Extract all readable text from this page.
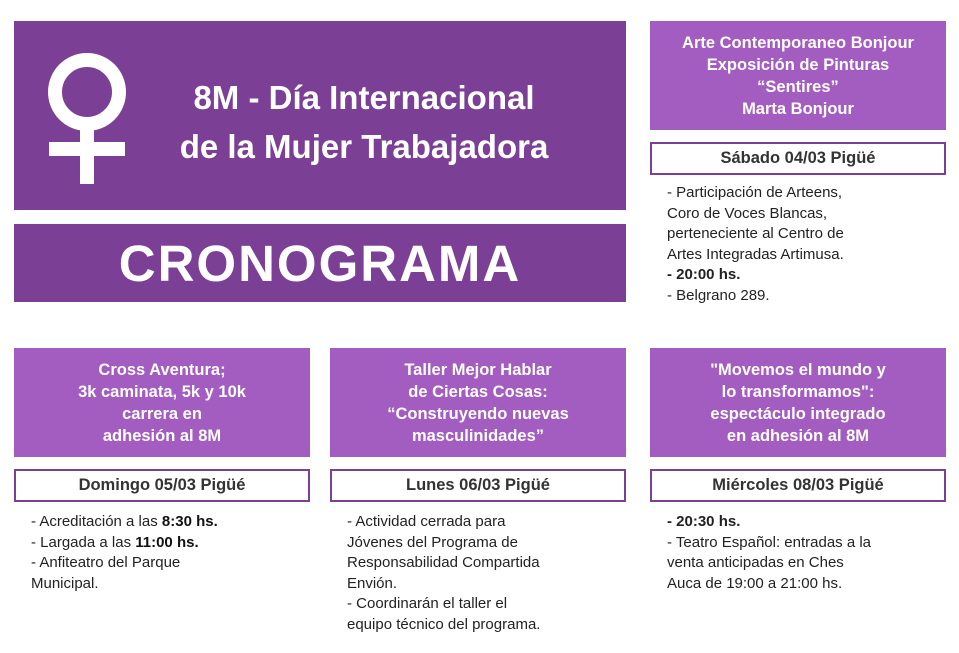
8M - Día Internacional
de la Mujer Trabajadora
CRONOGRAMA
Arte Contemporaneo Bonjour
Exposición de Pinturas
“Sentires”
Marta Bonjour
Sábado 04/03 Pigüé
- Participación de Arteens,
Coro de Voces Blancas,
perteneciente al Centro de
Artes Integradas Artimusa.
- 20:00 hs.
- Belgrano 289.
Cross Aventura;
3k caminata, 5k y 10k
carrera en
adhesión al 8M
Domingo 05/03 Pigüé
- Acreditación a las 8:30 hs.
- Largada a las 11:00 hs.
- Anfiteatro del Parque
Municipal.
Taller Mejor Hablar
de Ciertas Cosas:
“Construyendo nuevas
masculinidades”
Lunes 06/03 Pigüé
- Actividad cerrada para
Jóvenes del Programa de
Responsabilidad Compartida
Envión.
- Coordinarán el taller el
equipo técnico del programa.
"Movemos el mundo y
lo transformamos":
espectáculo integrado
en adhesión al 8M
Miércoles 08/03 Pigüé
- 20:30 hs.
- Teatro Español: entradas a la
venta anticipadas en Ches
Auca de 19:00 a 21:00 hs.
